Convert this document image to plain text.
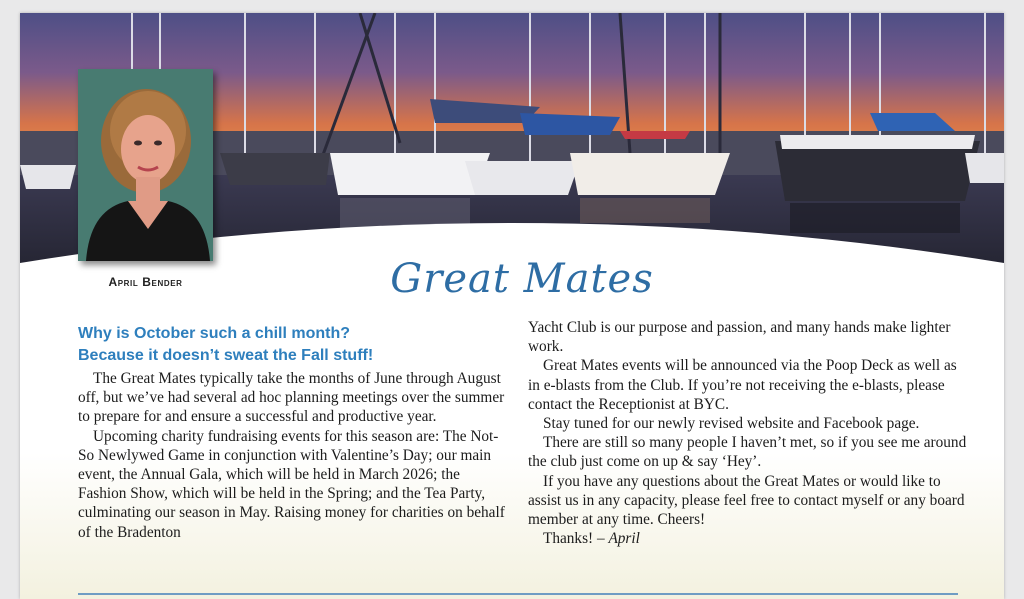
April Bender	Great Mates
Why is October such a chill month?
Because it doesn’t sweat the Fall stuff!

The Great Mates typically take the months of June through August off, but we’ve had several ad hoc planning meetings over the summer to prepare for and ensure a successful and productive year.

Upcoming charity fundraising events for this season are: The Not-So Newlywed Game in conjunction with Valentine’s Day; our main event, the Annual Gala, which will be held in March 2026; the Fashion Show, which will be held in the Spring; and the Tea Party, culminating our season in May. Raising money for charities on behalf of the Bradenton

Yacht Club is our purpose and passion, and many hands make lighter work.

Great Mates events will be announced via the Poop Deck as well as in e-blasts from the Club. If you’re not receiving the e-blasts, please contact the Receptionist at BYC.

Stay tuned for our newly revised website and Facebook page.

There are still so many people I haven’t met, so if you see me around the club just come on up & say ‘Hey’.

If you have any questions about the Great Mates or would like to assist us in any capacity, please feel free to contact myself or any board member at any time. Cheers!

Thanks! – April
